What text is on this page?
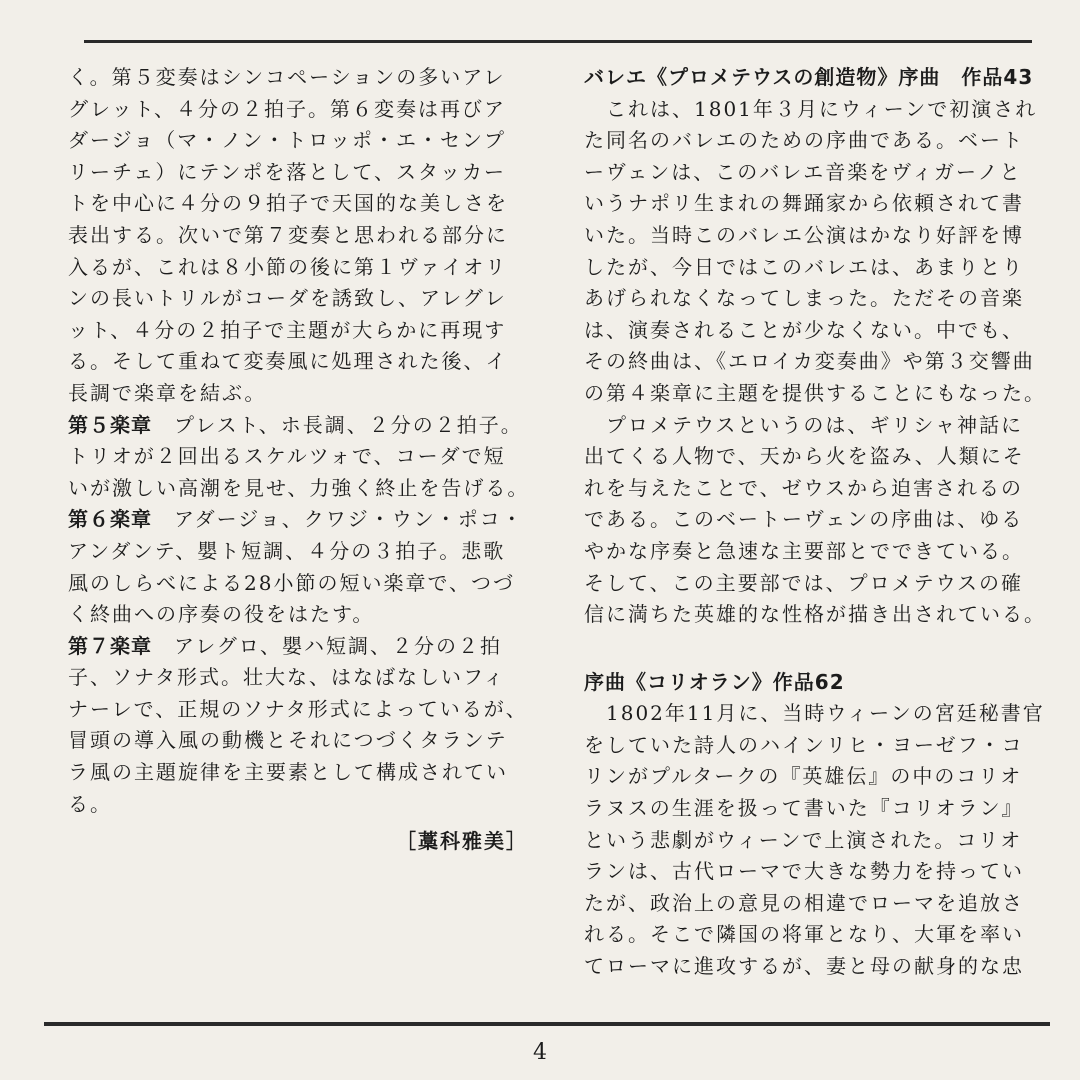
く。第５変奏はシンコペーションの多いアレ
グレット、４分の２拍子。第６変奏は再びア
ダージョ（マ・ノン・トロッポ・エ・センプ
リーチェ）にテンポを落として、スタッカー
トを中心に４分の９拍子で天国的な美しさを
表出する。次いで第７変奏と思われる部分に
入るが、これは８小節の後に第１ヴァイオリ
ンの長いトリルがコーダを誘致し、アレグレ
ット、４分の２拍子で主題が大らかに再現す
る。そして重ねて変奏風に処理された後、イ
長調で楽章を結ぶ。
第５楽章　 プレスト、ホ長調、２分の２拍子。
トリオが２回出るスケルツォで、コーダで短
いが激しい高潮を見せ、力強く終止を告げる。
第６楽章　 アダージョ、クワジ・ウン・ポコ・
アンダンテ、嬰ト短調、４分の３拍子。悲歌
風のしらべによる28小節の短い楽章で、つづ
く終曲への序奏の役をはたす。
第７楽章　 アレグロ、嬰ハ短調、２分の２拍
子、ソナタ形式。壮大な、はなばなしいフィ
ナーレで、正規のソナタ形式によっているが、
冒頭の導入風の動機とそれにつづくタランテ
ラ風の主題旋律を主要素として構成されてい
る。
［藁科雅美］
バレエ《プロメテウスの創造物》序曲　作品43
　これは、1801年３月にウィーンで初演され
た同名のバレエのための序曲である。ベート
ーヴェンは、このバレエ音楽をヴィガーノと
いうナポリ生まれの舞踊家から依頼されて書
いた。当時このバレエ公演はかなり好評を博
したが、今日ではこのバレエは、あまりとり
あげられなくなってしまった。ただその音楽
は、演奏されることが少なくない。中でも、
その終曲は、《エロイカ変奏曲》や第３交響曲
の第４楽章に主題を提供することにもなった。
　プロメテウスというのは、ギリシャ神話に
出てくる人物で、天から火を盗み、人類にそ
れを与えたことで、ゼウスから迫害されるの
である。このベートーヴェンの序曲は、ゆる
やかな序奏と急速な主要部とでできている。
そして、この主要部では、プロメテウスの確
信に満ちた英雄的な性格が描き出されている。
序曲《コリオラン》作品62
　1802年11月に、当時ウィーンの宮廷秘書官
をしていた詩人のハインリヒ・ヨーゼフ・コ
リンがプルタークの『英雄伝』の中のコリオ
ラヌスの生涯を扱って書いた『コリオラン』
という悲劇がウィーンで上演された。コリオ
ランは、古代ローマで大きな勢力を持ってい
たが、政治上の意見の相違でローマを追放さ
れる。そこで隣国の将軍となり、大軍を率い
てローマに進攻するが、妻と母の献身的な忠
4
